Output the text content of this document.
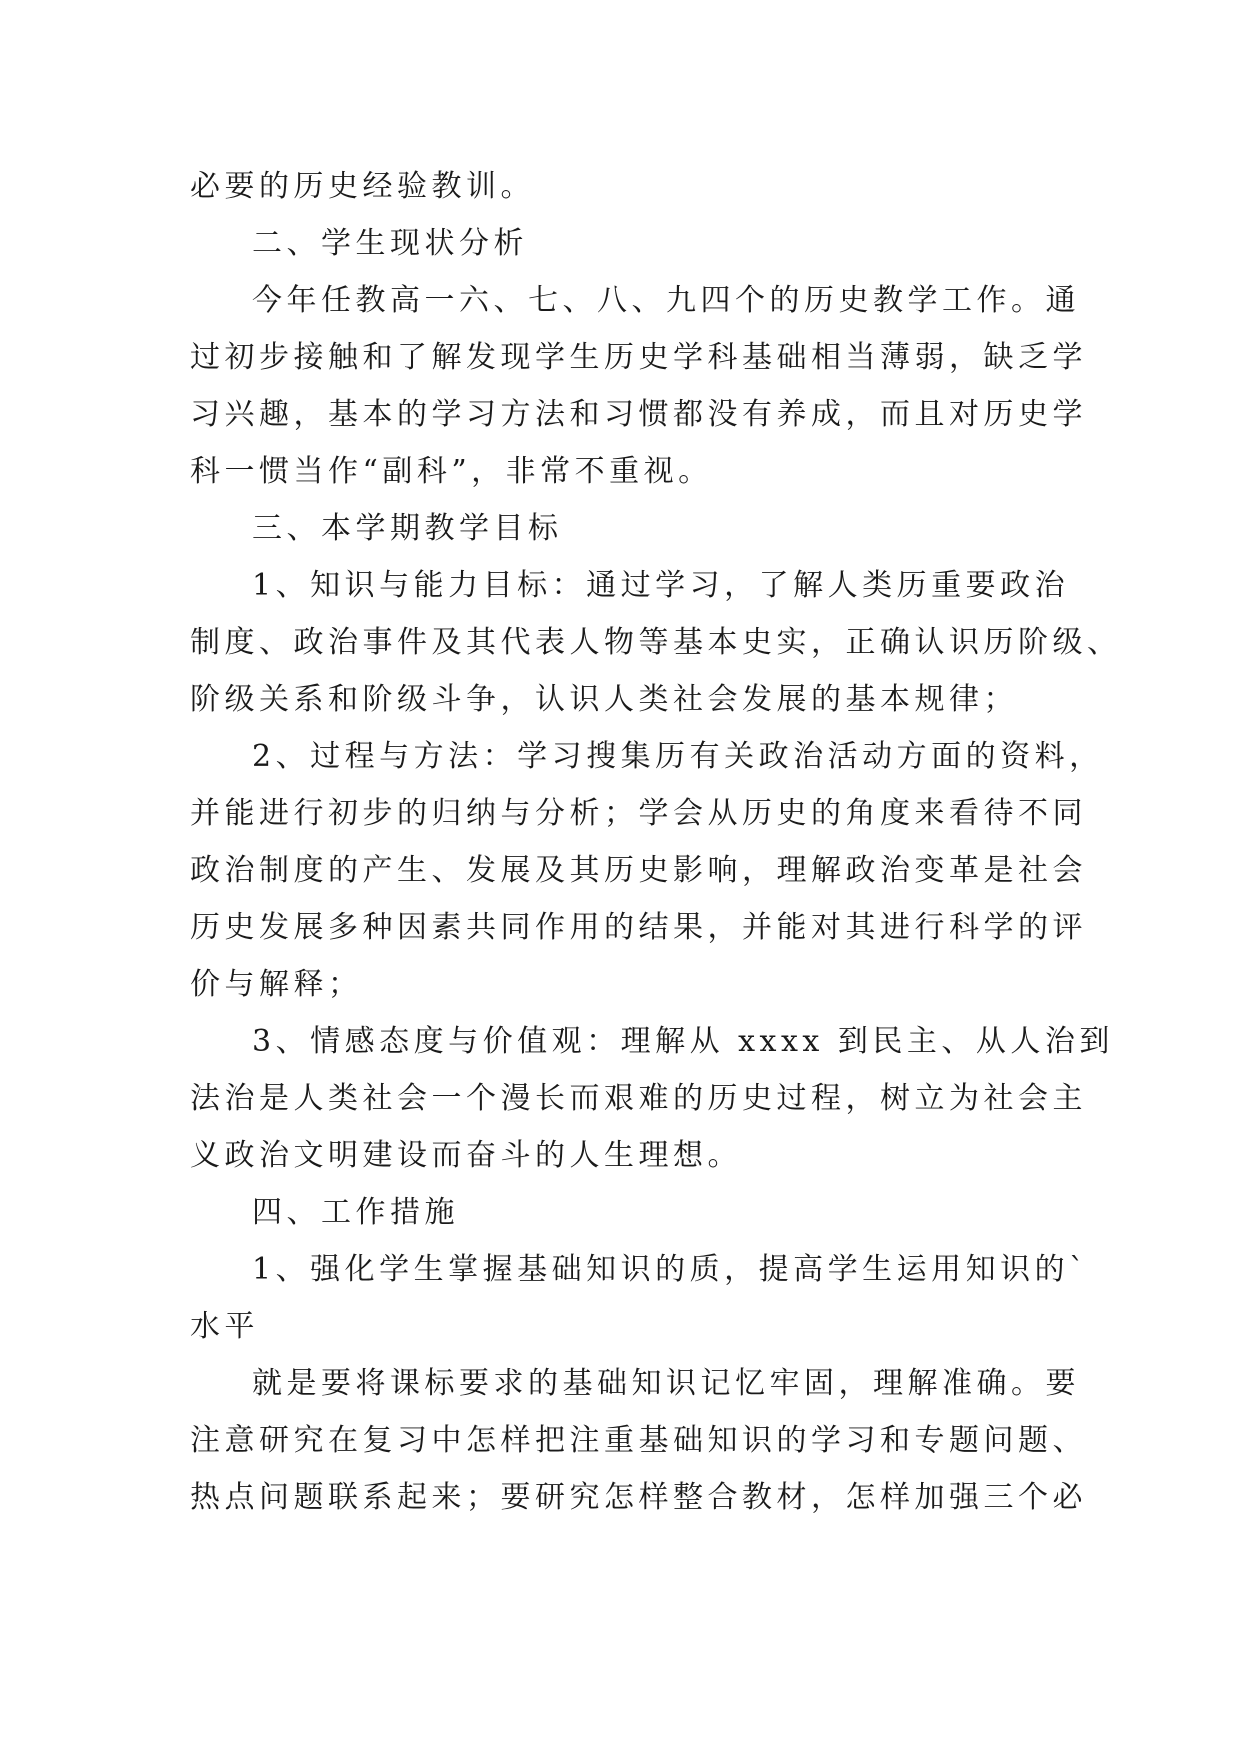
必要的历史经验教训。
二、学生现状分析
今年任教高一六、七、八、九四个的历史教学工作。通
过初步接触和了解发现学生历史学科基础相当薄弱，缺乏学
习兴趣，基本的学习方法和习惯都没有养成，而且对历史学
科一惯当作“副科”，非常不重视。
三、本学期教学目标
1、知识与能力目标：通过学习，了解人类历重要政治
制度、政治事件及其代表人物等基本史实，正确认识历阶级、
阶级关系和阶级斗争，认识人类社会发展的基本规律；
2、过程与方法：学习搜集历有关政治活动方面的资料，
并能进行初步的归纳与分析；学会从历史的角度来看待不同
政治制度的产生、发展及其历史影响，理解政治变革是社会
历史发展多种因素共同作用的结果，并能对其进行科学的评
价与解释；
3、情感态度与价值观：理解从 xxxx 到民主、从人治到
法治是人类社会一个漫长而艰难的历史过程，树立为社会主
义政治文明建设而奋斗的人生理想。
四、工作措施
1、强化学生掌握基础知识的质，提高学生运用知识的`
水平
就是要将课标要求的基础知识记忆牢固，理解准确。要
注意研究在复习中怎样把注重基础知识的学习和专题问题、
热点问题联系起来；要研究怎样整合教材，怎样加强三个必
